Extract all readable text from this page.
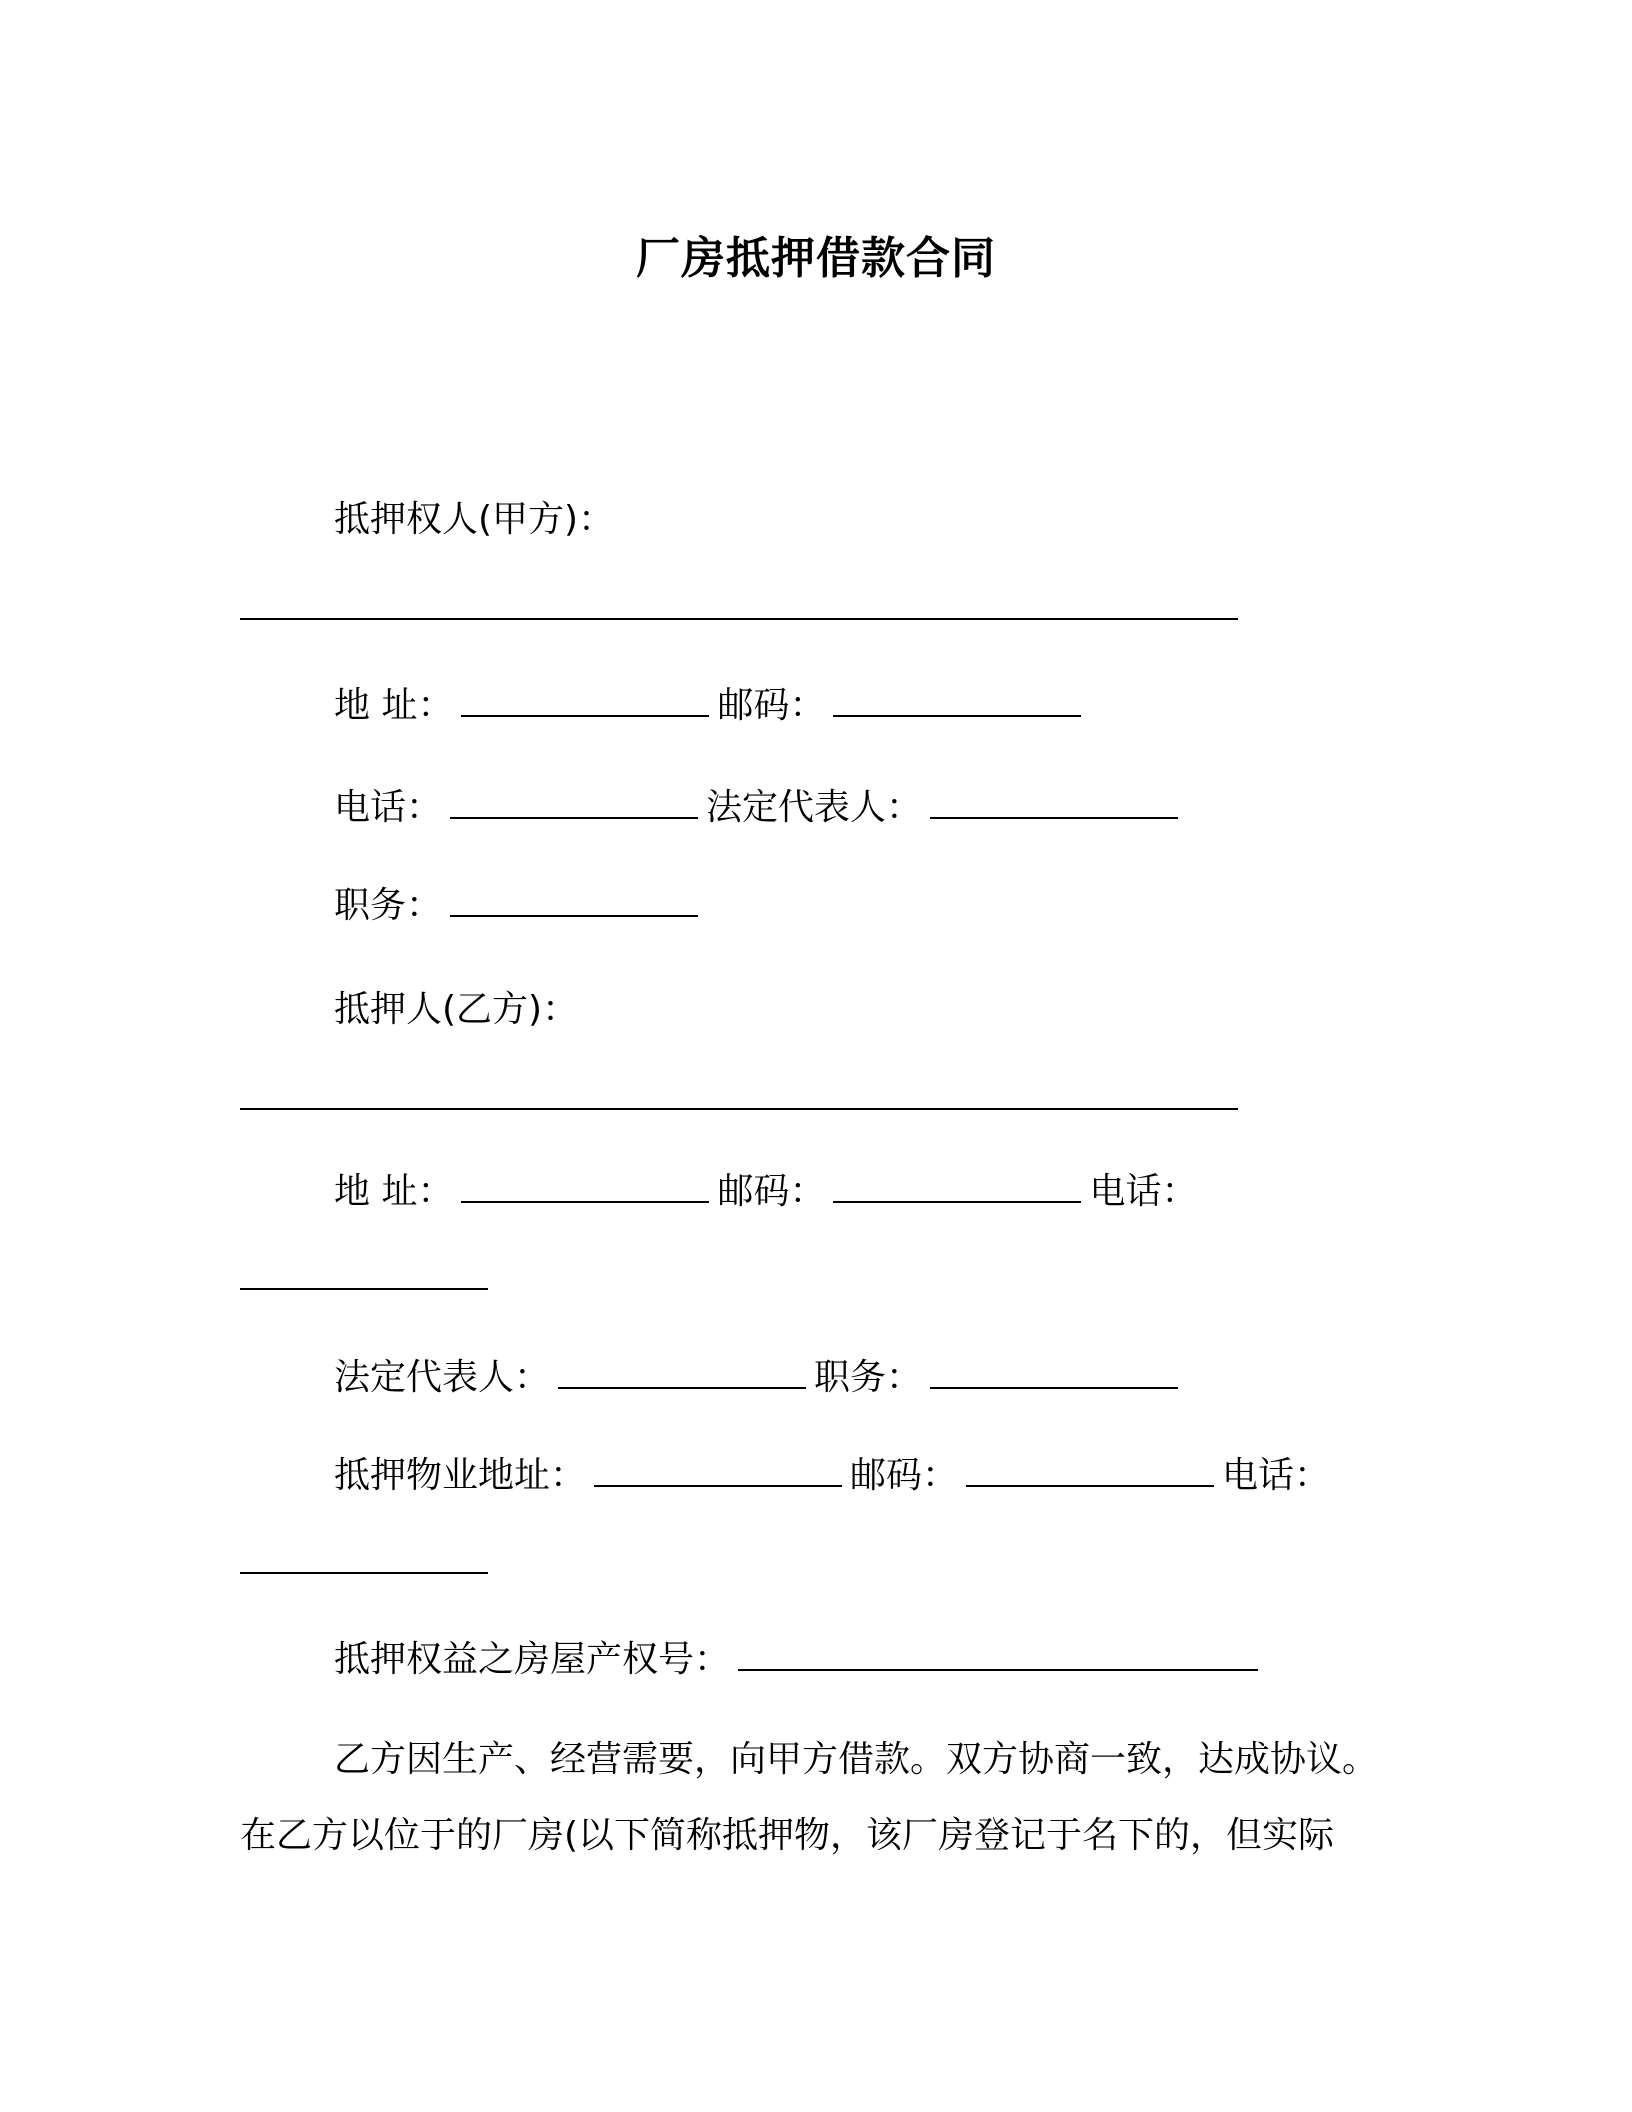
厂房抵押借款合同
抵押权人(甲方)：
地 址：	邮码：
电话：	法定代表人：
职务：
抵押人(乙方)：
地 址：	邮码：	电话：
法定代表人：	职务：
抵押物业地址：	邮码：	电话：
抵押权益之房屋产权号：
乙方因生产、经营需要，向甲方借款。双方协商一致，达成协议。
在乙方以位于的厂房(以下简称抵押物，该厂房登记于名下的，但实际
